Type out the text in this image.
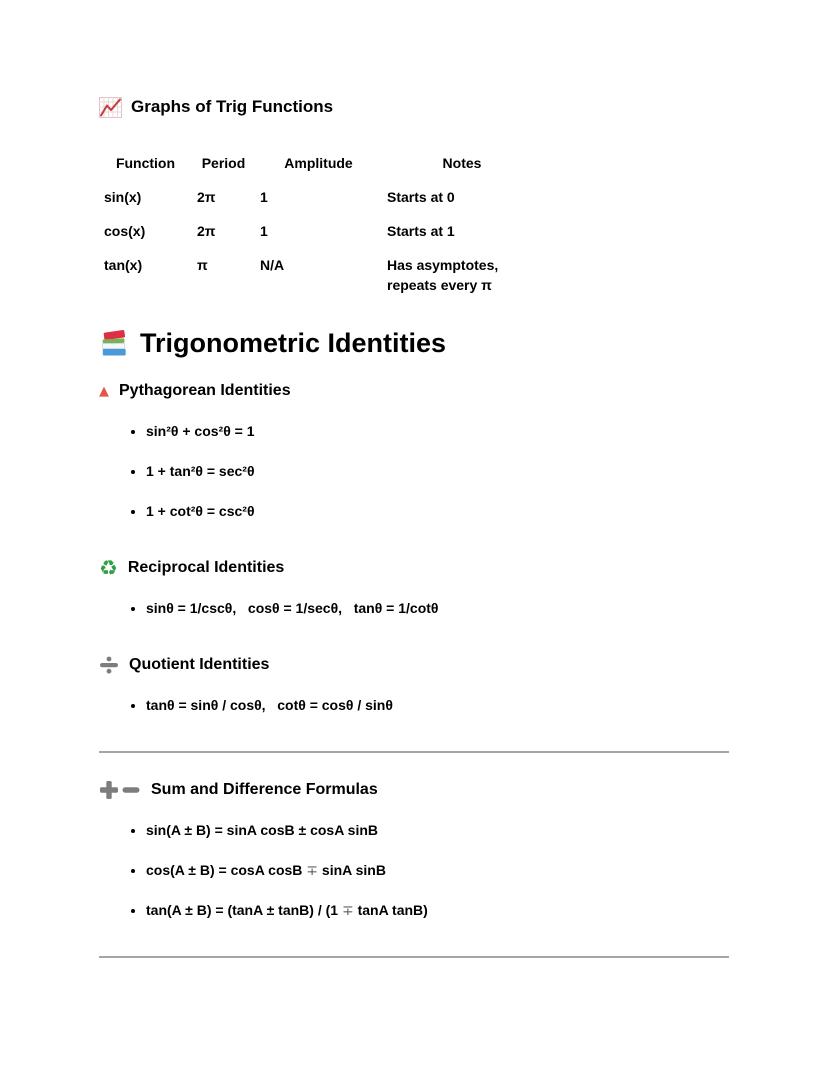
Graphs of Trig Functions
Function	Period	Amplitude	Notes
sin(x)	2π	1	Starts at 0
cos(x)	2π	1	Starts at 1
tan(x)	π	N/A	Has asymptotes, repeats every π
Trigonometric Identities
▲ Pythagorean Identities
• sin²θ + cos²θ = 1
• 1 + tan²θ = sec²θ
• 1 + cot²θ = csc²θ
♻ Reciprocal Identities
• sinθ = 1/cscθ,   cosθ = 1/secθ,   tanθ = 1/cotθ
Quotient Identities
• tanθ = sinθ / cosθ,   cotθ = cosθ / sinθ
Sum and Difference Formulas
• sin(A ± B) = sinA cosB ± cosA sinB
• cos(A ± B) = cosA cosB ∓ sinA sinB
• tan(A ± B) = (tanA ± tanB) / (1 ∓ tanA tanB)
